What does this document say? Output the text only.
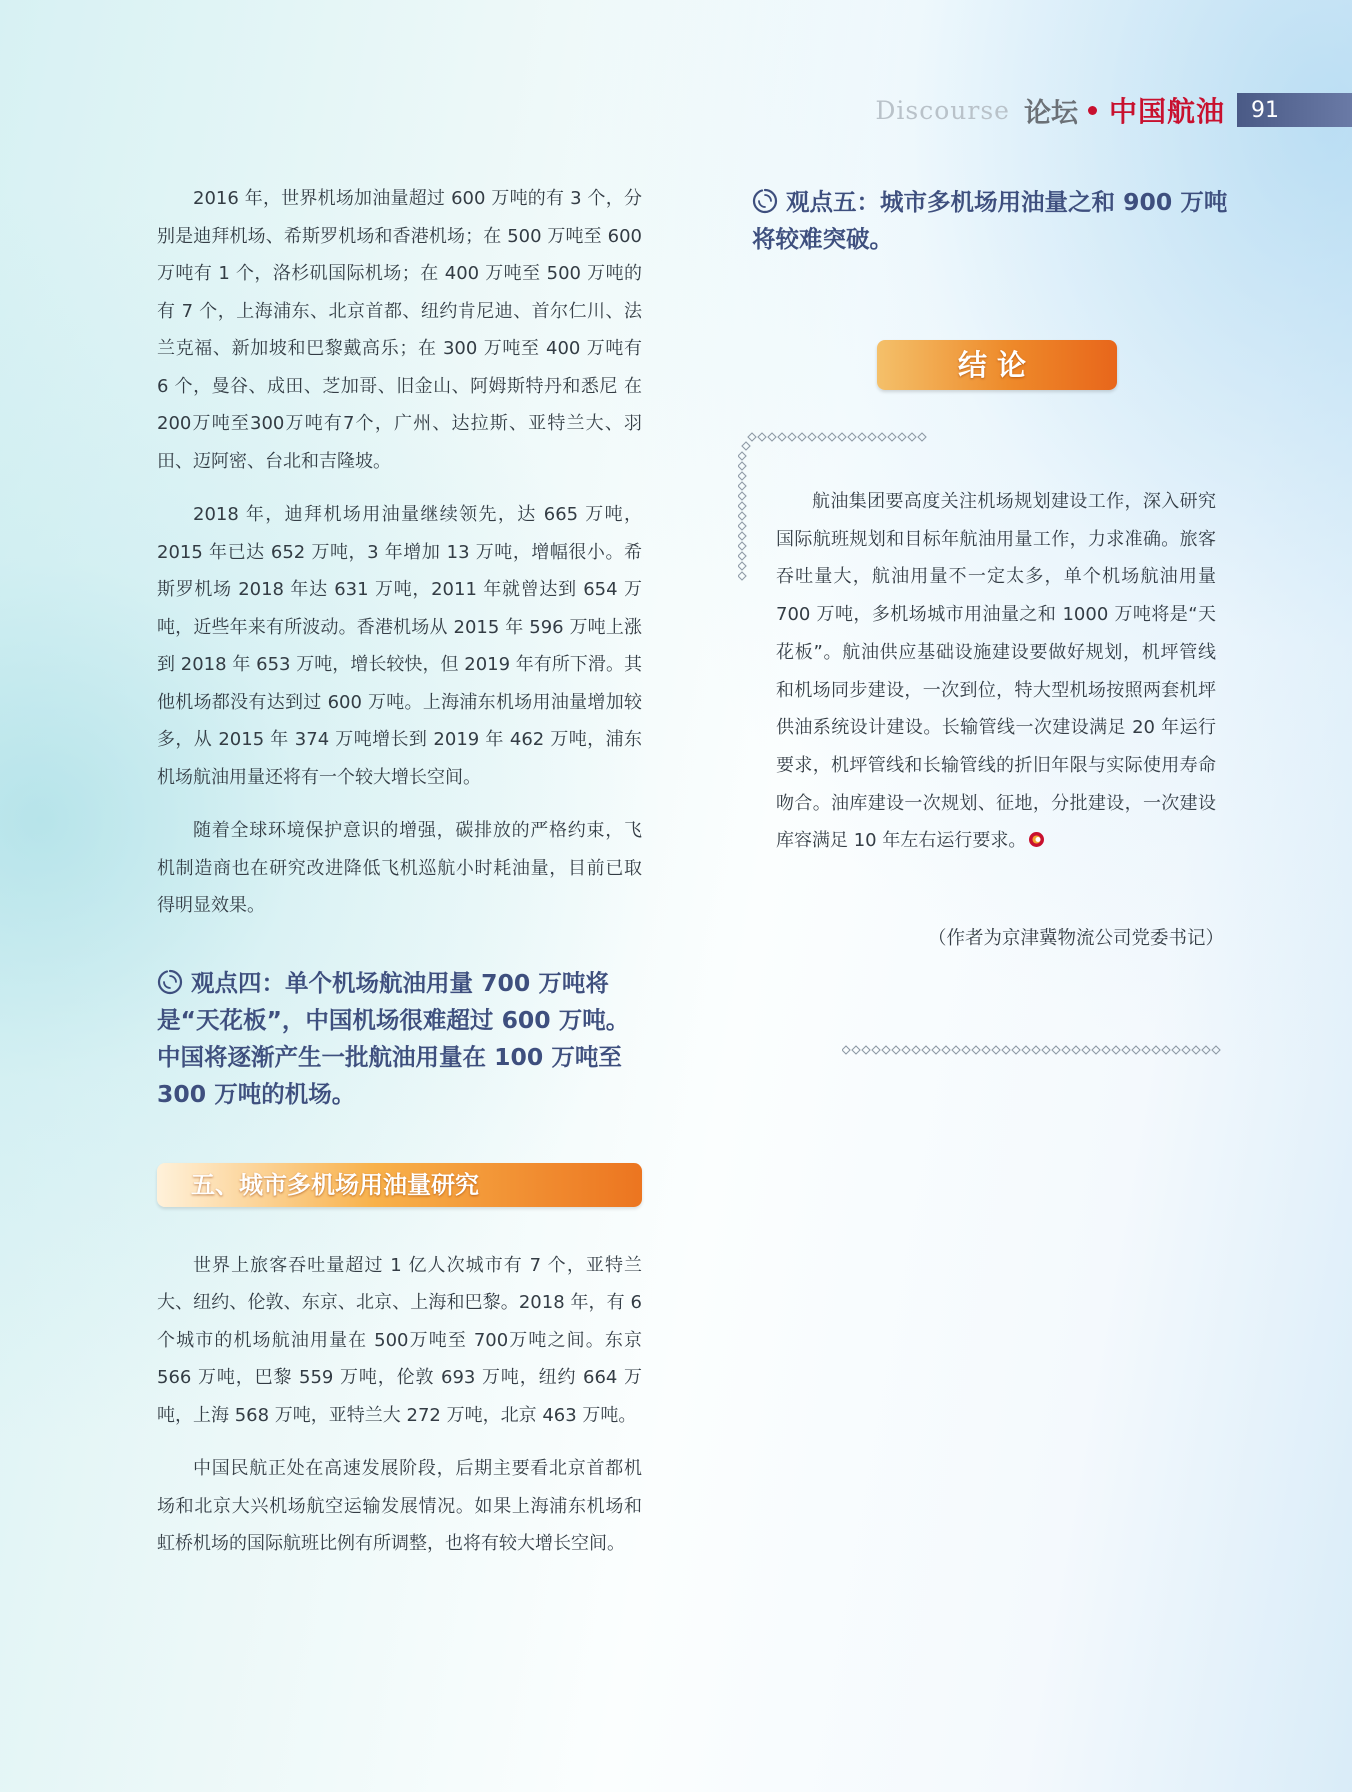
Discourse 论坛 中国航油	91

2016 年，世界机场加油量超过 600 万吨的有 3 个，分别是迪拜机场、希斯罗机场和香港机场；在 500 万吨至 600 万吨有 1 个，洛杉矶国际机场；在 400 万吨至 500 万吨的有 7 个，上海浦东、北京首都、纽约肯尼迪、首尔仁川、法兰克福、新加坡和巴黎戴高乐；在 300 万吨至 400 万吨有 6 个，曼谷、成田、芝加哥、旧金山、阿姆斯特丹和悉尼 在200万吨至300万吨有7个，广州、达拉斯、亚特兰大、羽田、迈阿密、台北和吉隆坡。

2018 年，迪拜机场用油量继续领先，达 665 万吨，2015 年已达 652 万吨，3 年增加 13 万吨，增幅很小。希斯罗机场 2018 年达 631 万吨，2011 年就曾达到 654 万吨，近些年来有所波动。香港机场从 2015 年 596 万吨上涨到 2018 年 653 万吨，增长较快，但 2019 年有所下滑。其他机场都没有达到过 600 万吨。上海浦东机场用油量增加较多，从 2015 年 374 万吨增长到 2019 年 462 万吨，浦东机场航油用量还将有一个较大增长空间。

随着全球环境保护意识的增强，碳排放的严格约束，飞机制造商也在研究改进降低飞机巡航小时耗油量，目前已取得明显效果。

观点四：单个机场航油用量 700 万吨将是“天花板”，中国机场很难超过 600 万吨。中国将逐渐产生一批航油用量在 100 万吨至 300 万吨的机场。

五、城市多机场用油量研究

世界上旅客吞吐量超过 1 亿人次城市有 7 个，亚特兰大、纽约、伦敦、东京、北京、上海和巴黎。2018 年，有 6 个城市的机场航油用量在 500万吨至 700万吨之间。东京 566 万吨，巴黎 559 万吨，伦敦 693 万吨，纽约 664 万吨，上海 568 万吨，亚特兰大 272 万吨，北京 463 万吨。

中国民航正处在高速发展阶段，后期主要看北京首都机场和北京大兴机场航空运输发展情况。如果上海浦东机场和虹桥机场的国际航班比例有所调整，也将有较大增长空间。

观点五：城市多机场用油量之和 900 万吨将较难突破。

结论

航油集团要高度关注机场规划建设工作，深入研究国际航班规划和目标年航油用量工作，力求准确。旅客吞吐量大，航油用量不一定太多，单个机场航油用量 700 万吨，多机场城市用油量之和 1000 万吨将是“天花板”。航油供应基础设施建设要做好规划，机坪管线和机场同步建设，一次到位，特大型机场按照两套机坪供油系统设计建设。长输管线一次建设满足 20 年运行要求，机坪管线和长输管线的折旧年限与实际使用寿命吻合。油库建设一次规划、征地，分批建设，一次建设库容满足 10 年左右运行要求。

（作者为京津冀物流公司党委书记）
